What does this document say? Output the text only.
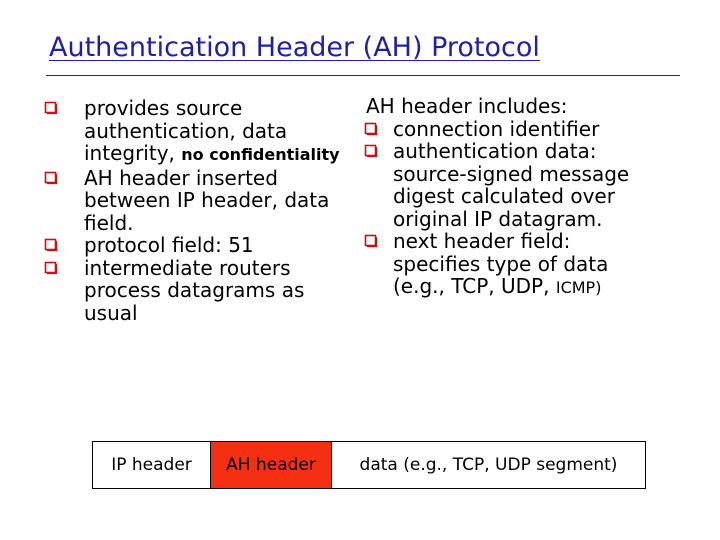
Authentication Header (AH) Protocol
provides source authentication, data integrity, no confidentiality
AH header inserted between IP header, data field.
protocol field: 51
intermediate routers process datagrams as usual

AH header includes:

connection identifier
authentication data: source-signed message digest calculated over original IP datagram.
next header field: specifies type of data (e.g., TCP, UDP, ICMP)
IP header	AH header	data (e.g., TCP, UDP segment)
